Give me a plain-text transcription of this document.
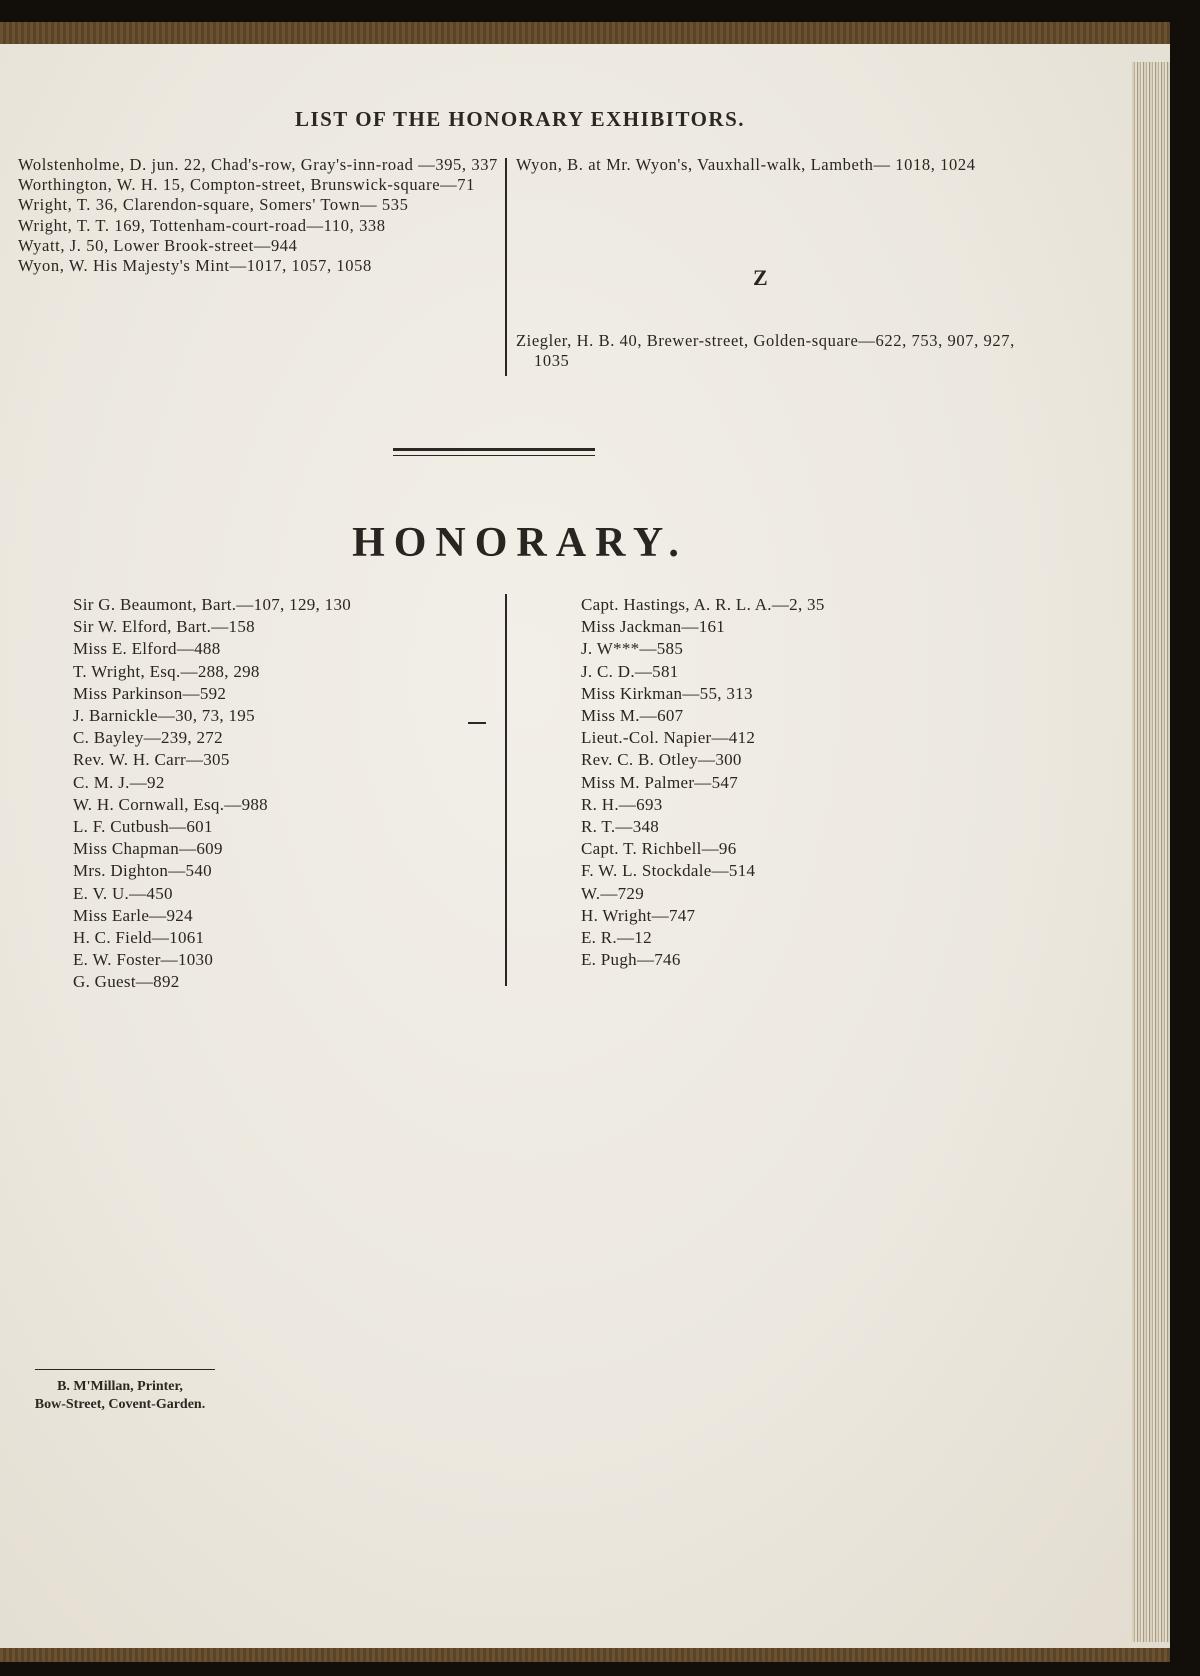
LIST OF THE HONORARY EXHIBITORS.
Wolstenholme, D. jun. 22, Chad's-row, Gray's-inn-road —395, 337
Worthington, W. H. 15, Compton-street, Brunswick-square—71
Wright, T. 36, Clarendon-square, Somers' Town— 535
Wright, T. T. 169, Tottenham-court-road—110, 338
Wyatt, J. 50, Lower Brook-street—944
Wyon, W. His Majesty's Mint—1017, 1057, 1058
Wyon, B. at Mr. Wyon's, Vauxhall-walk, Lambeth— 1018, 1024
Z
Ziegler, H. B. 40, Brewer-street, Golden-square—622, 753, 907, 927, 1035
HONORARY.
Sir G. Beaumont, Bart.—107, 129, 130
Sir W. Elford, Bart.—158
Miss E. Elford—488
T. Wright, Esq.—288, 298
Miss Parkinson—592
J. Barnickle—30, 73, 195
C. Bayley—239, 272
Rev. W. H. Carr—305
C. M. J.—92
W. H. Cornwall, Esq.—988
L. F. Cutbush—601
Miss Chapman—609
Mrs. Dighton—540
E. V. U.—450
Miss Earle—924
H. C. Field—1061
E. W. Foster—1030
G. Guest—892
Capt. Hastings, A. R. L. A.—2, 35
Miss Jackman—161
J. W***—585
J. C. D.—581
Miss Kirkman—55, 313
Miss M.—607
Lieut.-Col. Napier—412
Rev. C. B. Otley—300
Miss M. Palmer—547
R. H.—693
R. T.—348
Capt. T. Richbell—96
F. W. L. Stockdale—514
W.—729
H. Wright—747
E. R.—12
E. Pugh—746
B. M'Millan, Printer,
Bow-Street, Covent-Garden.
